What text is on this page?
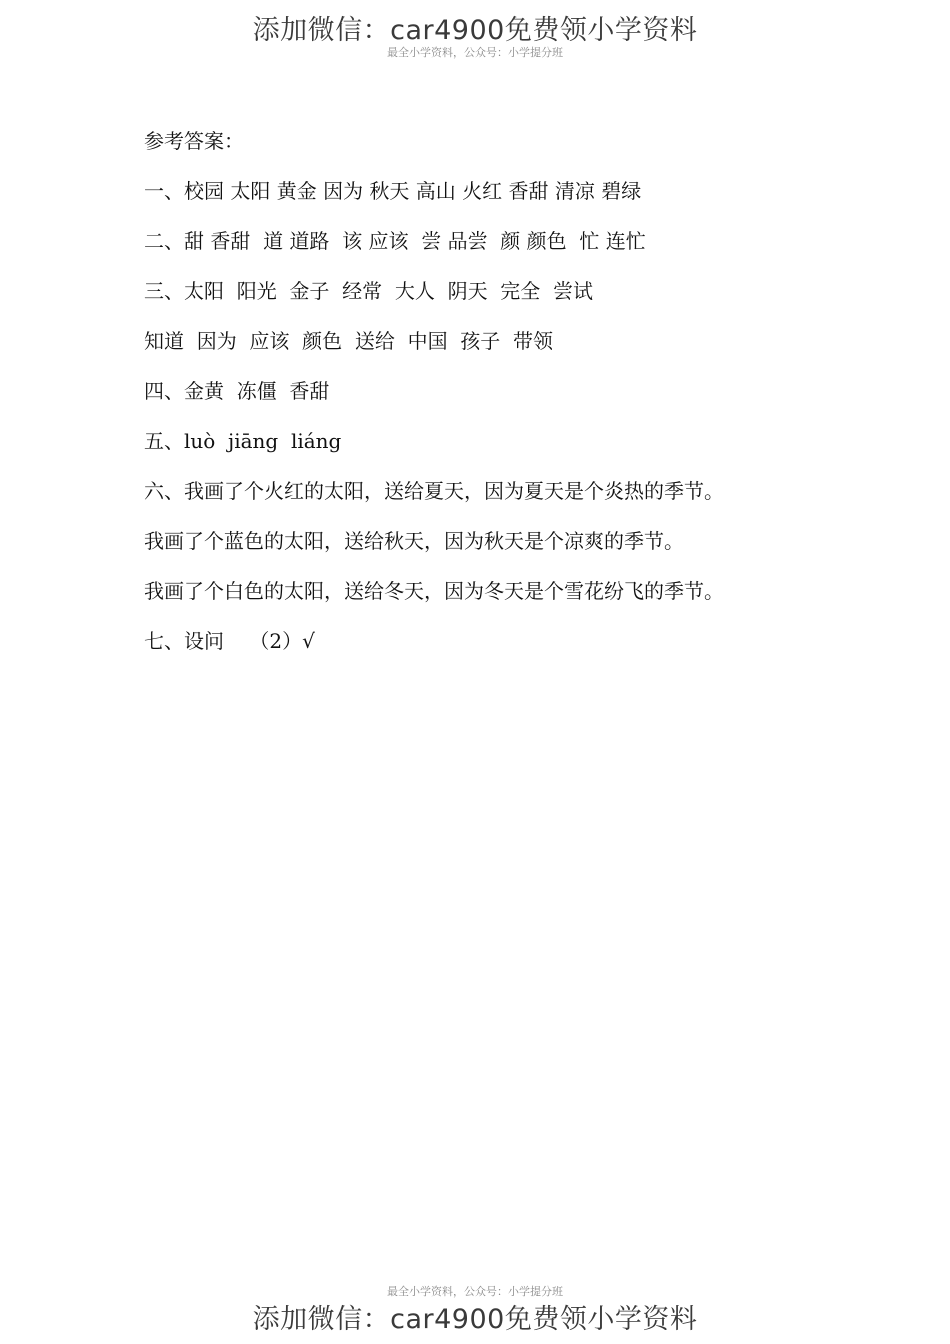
添加微信：car4900免费领小学资料
最全小学资料，公众号：小学提分班
参考答案：
一、校园 太阳 黄金 因为 秋天 高山 火红 香甜 清凉 碧绿
二、甜 香甜  道 道路  该 应该  尝 品尝  颜 颜色  忙 连忙
三、太阳  阳光  金子  经常  大人  阴天  完全  尝试
知道  因为  应该  颜色  送给  中国  孩子  带领
四、金黄  冻僵  香甜
五、luò  jiāng  liáng
六、我画了个火红的太阳，送给夏天，因为夏天是个炎热的季节。
我画了个蓝色的太阳，送给秋天，因为秋天是个凉爽的季节。
我画了个白色的太阳，送给冬天，因为冬天是个雪花纷飞的季节。
七、设问    （2）√
最全小学资料，公众号：小学提分班
添加微信：car4900免费领小学资料
